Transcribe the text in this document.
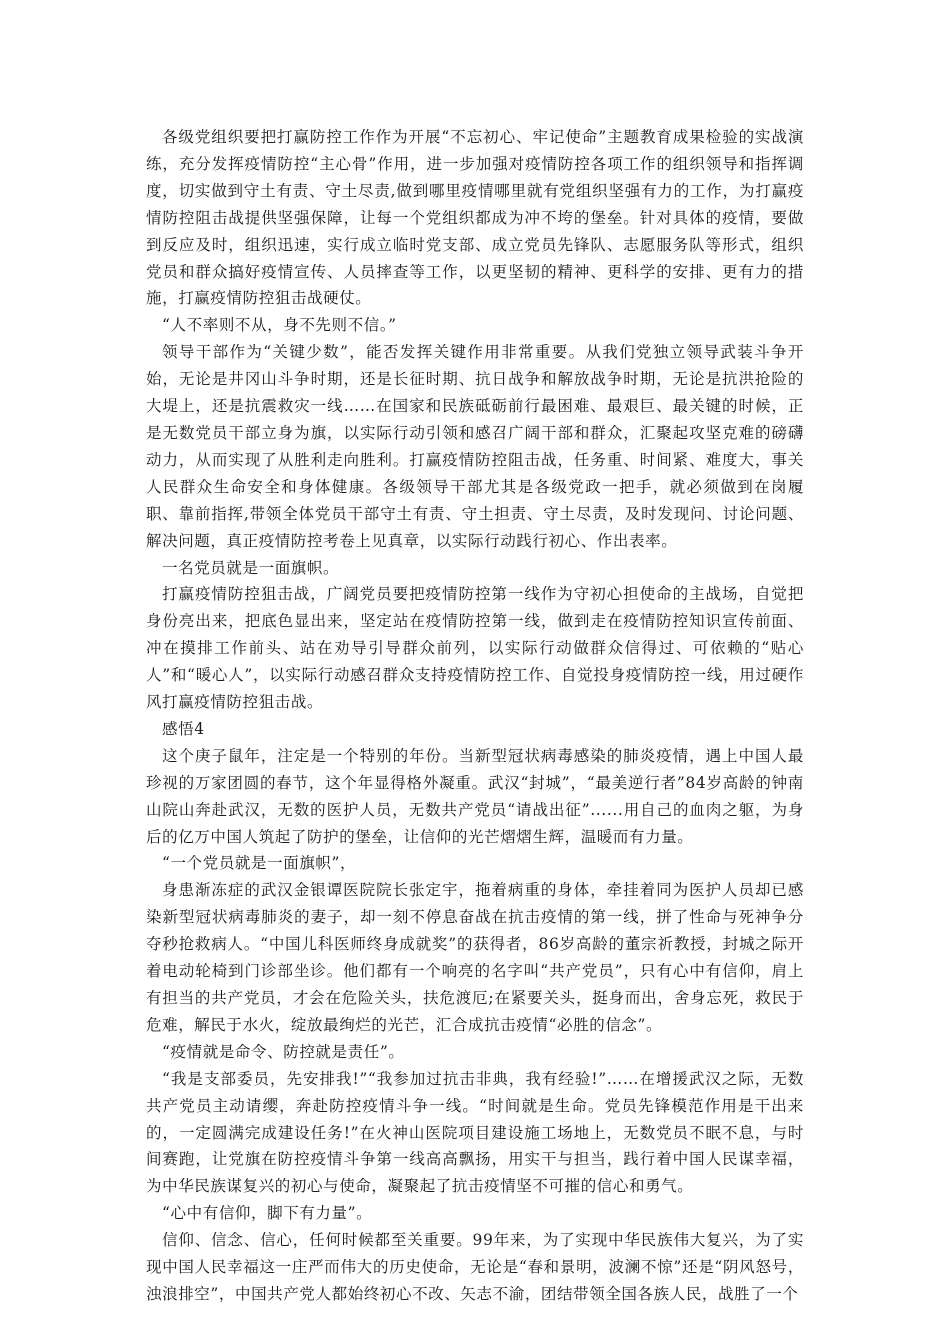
各级党组织要把打赢防控工作作为开展“不忘初心、牢记使命”主题教育成果检验的实战演练，充分发挥疫情防控“主心骨”作用，进一步加强对疫情防控各项工作的组织领导和指挥调度，切实做到守土有责、守土尽责,做到哪里疫情哪里就有党组织坚强有力的工作，为打赢疫情防控阻击战提供坚强保障，让每一个党组织都成为冲不垮的堡垒。针对具体的疫情，要做到反应及时，组织迅速，实行成立临时党支部、成立党员先锋队、志愿服务队等形式，组织党员和群众搞好疫情宣传、人员摔查等工作，以更坚韧的精神、更科学的安排、更有力的措施，打赢疫情防控狙击战硬仗。

“人不率则不从，身不先则不信。”

领导干部作为“关键少数”，能否发挥关键作用非常重要。从我们党独立领导武装斗争开始，无论是井冈山斗争时期，还是长征时期、抗日战争和解放战争时期，无论是抗洪抢险的大堤上，还是抗震救灾一线……在国家和民族砥砺前行最困难、最艰巨、最关键的时候，正是无数党员干部立身为旗，以实际行动引领和感召广阔干部和群众，汇聚起攻坚克难的磅礴动力，从而实现了从胜利走向胜利。打赢疫情防控阻击战，任务重、时间紧、难度大，事关人民群众生命安全和身体健康。各级领导干部尤其是各级党政一把手，就必须做到在岗履职、靠前指挥,带领全体党员干部守土有责、守土担责、守土尽责，及时发现问、讨论问题、解决问题，真正疫情防控考卷上见真章，以实际行动践行初心、作出表率。

一名党员就是一面旗帜。

打赢疫情防控狙击战，广阔党员要把疫情防控第一线作为守初心担使命的主战场，自觉把身份亮出来，把底色显出来，坚定站在疫情防控第一线，做到走在疫情防控知识宣传前面、冲在摸排工作前头、站在劝导引导群众前列，以实际行动做群众信得过、可依赖的“贴心人”和“暖心人”，以实际行动感召群众支持疫情防控工作、自觉投身疫情防控一线，用过硬作风打赢疫情防控狙击战。

感悟4

这个庚子鼠年，注定是一个特别的年份。当新型冠状病毒感染的肺炎疫情，遇上中国人最珍视的万家团圆的春节，这个年显得格外凝重。武汉“封城”，“最美逆行者”84岁高龄的钟南山院山奔赴武汉，无数的医护人员，无数共产党员“请战出征”......用自己的血肉之躯，为身后的亿万中国人筑起了防护的堡垒，让信仰的光芒熠熠生辉，温暖而有力量。

“一个党员就是一面旗帜”，

身患渐冻症的武汉金银谭医院院长张定宇，拖着病重的身体，牵挂着同为医护人员却已感染新型冠状病毒肺炎的妻子，却一刻不停息奋战在抗击疫情的第一线，拼了性命与死神争分夺秒抢救病人。“中国儿科医师终身成就奖”的获得者，86岁高龄的董宗祈教授，封城之际开着电动轮椅到门诊部坐诊。他们都有一个响亮的名字叫“共产党员”，只有心中有信仰，肩上有担当的共产党员，才会在危险关头，扶危渡厄;在紧要关头，挺身而出，舍身忘死，救民于危难，解民于水火，绽放最绚烂的光芒，汇合成抗击疫情“必胜的信念”。

“疫情就是命令、防控就是责任”。

“我是支部委员，先安排我!”“我参加过抗击非典，我有经验!”……在增援武汉之际，无数共产党员主动请缨，奔赴防控疫情斗争一线。“时间就是生命。党员先锋模范作用是干出来的，一定圆满完成建设任务!”在火神山医院项目建设施工场地上，无数党员不眠不息，与时间赛跑，让党旗在防控疫情斗争第一线高高飘扬，用实干与担当，践行着中国人民谋幸福，为中华民族谋复兴的初心与使命，凝聚起了抗击疫情坚不可摧的信心和勇气。

“心中有信仰，脚下有力量”。

信仰、信念、信心，任何时候都至关重要。99年来，为了实现中华民族伟大复兴，为了实现中国人民幸福这一庄严而伟大的历史使命，无论是“春和景明，波澜不惊”还是“阴风怒号，浊浪排空”，中国共产党人都始终初心不改、矢志不渝，团结带领全国各族人民，战胜了一个
